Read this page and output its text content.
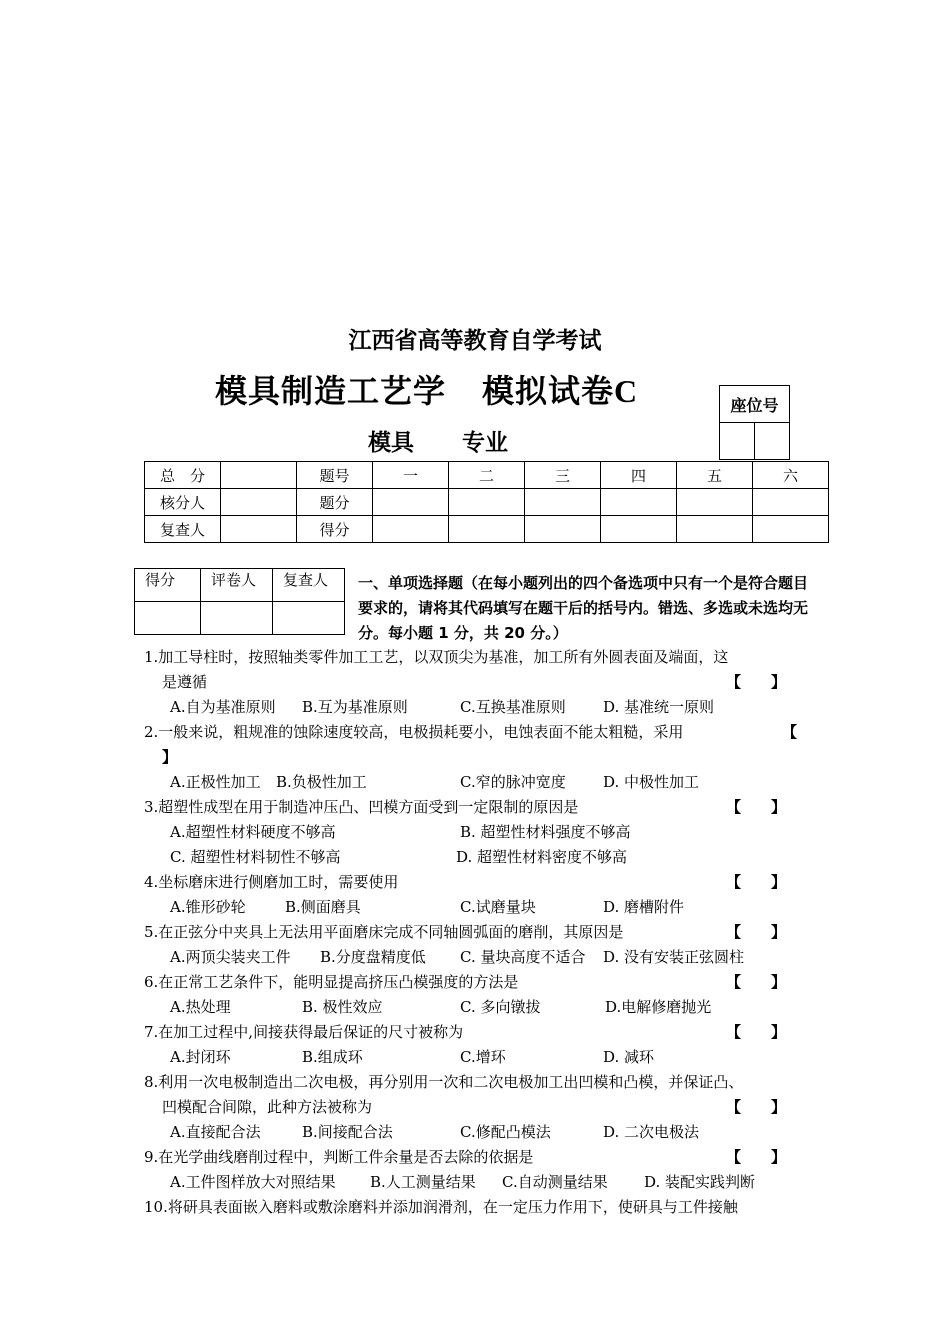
江西省高等教育自学考试
模具制造工艺学 模拟试卷C
模具 专业
座位号

总　分		题号	一	二	三	四	五	六
核分人		题分						
复查人		得分						
得分	评卷人	复查人
		一、单项选择题（在每小题列出的四个备选项中只有一个是符合题目要求的，请将其代码填写在题干后的括号内。错选、多选或未选均无分。每小题 1 分，共 20 分。）
1.加工导柱时，按照轴类零件加工工艺，以双顶尖为基准，加工所有外圆表面及端面，这
是遵循	【　　】
A.自为基准原则 B.互为基准原则	C.互换基准原则 D. 基准统一原则
2.一般来说，粗规准的蚀除速度较高，电极损耗要小，电蚀表面不能太粗糙，采用	【
】
A.正极性加工 B.负极性加工	C.窄的脉冲宽度 D. 中极性加工
3.超塑性成型在用于制造冲压凸、凹模方面受到一定限制的原因是	【　　】
A.超塑性材料硬度不够高	B. 超塑性材料强度不够高
C. 超塑性材料韧性不够高	D. 超塑性材料密度不够高
4.坐标磨床进行侧磨加工时，需要使用	【　　】
A.锥形砂轮	B.侧面磨具	C.试磨量块	D. 磨槽附件
5.在正弦分中夹具上无法用平面磨床完成不同轴圆弧面的磨削，其原因是	【　　】
A.两顶尖装夹工件 B.分度盘精度低 C. 量块高度不适合 D. 没有安装正弦圆柱
6.在正常工艺条件下，能明显提高挤压凸模强度的方法是	【　　】
A.热处理	B. 极性效应	C. 多向镦拔	D.电解修磨抛光
7.在加工过程中,间接获得最后保证的尺寸被称为	【　　】
A.封闭环	B.组成环	C.增环	D. 减环
8.利用一次电极制造出二次电极，再分别用一次和二次电极加工出凹模和凸模，并保证凸、
凹模配合间隙，此种方法被称为	【　　】
A.直接配合法	B.间接配合法	C.修配凸模法	D. 二次电极法
9.在光学曲线磨削过程中，判断工件余量是否去除的依据是	【　　】
A.工件图样放大对照结果 B.人工测量结果 C.自动测量结果 D. 装配实践判断
10.将研具表面嵌入磨料或敷涂磨料并添加润滑剂，在一定压力作用下，使研具与工件接触
